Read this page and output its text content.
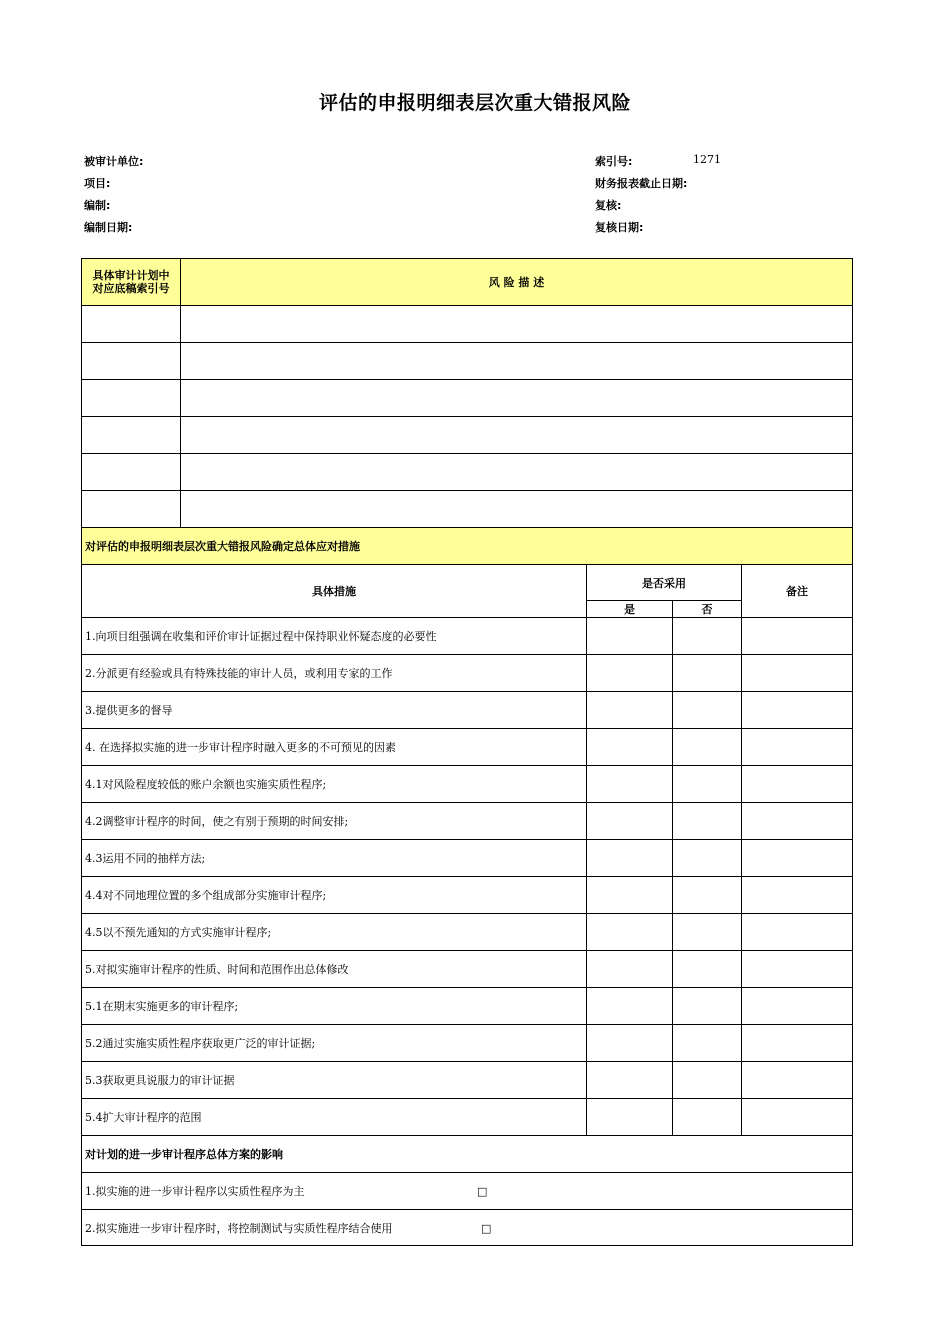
评估的申报明细表层次重大错报风险
被审计单位:
项目:
编制:
编制日期:
索引号:	1271
财务报表截止日期:
复核:
复核日期:
具体审计计划中
对应底稿索引号	风 险 描 述			

对评估的申报明细表层次重大错报风险确定总体应对措施				
具体措施		是否采用		备注
		是	否	
1.向项目组强调在收集和评价审计证据过程中保持职业怀疑态度的必要性				
2.分派更有经验或具有特殊技能的审计人员，或利用专家的工作				
3.提供更多的督导				
4. 在选择拟实施的进一步审计程序时融入更多的不可预见的因素				
4.1对风险程度较低的账户余额也实施实质性程序;				
4.2调整审计程序的时间，使之有别于预期的时间安排;				
4.3运用不同的抽样方法;				
4.4对不同地理位置的多个组成部分实施审计程序;				
4.5以不预先通知的方式实施审计程序;				
5.对拟实施审计程序的性质、时间和范围作出总体修改				
5.1在期末实施更多的审计程序;				
5.2通过实施实质性程序获取更广泛的审计证据;				
5.3获取更具说服力的审计证据				
5.4扩大审计程序的范围				
对计划的进一步审计程序总体方案的影响				
1.拟实施的进一步审计程序以实质性程序为主 □				
2.拟实施进一步审计程序时，将控制测试与实质性程序结合使用 □				
